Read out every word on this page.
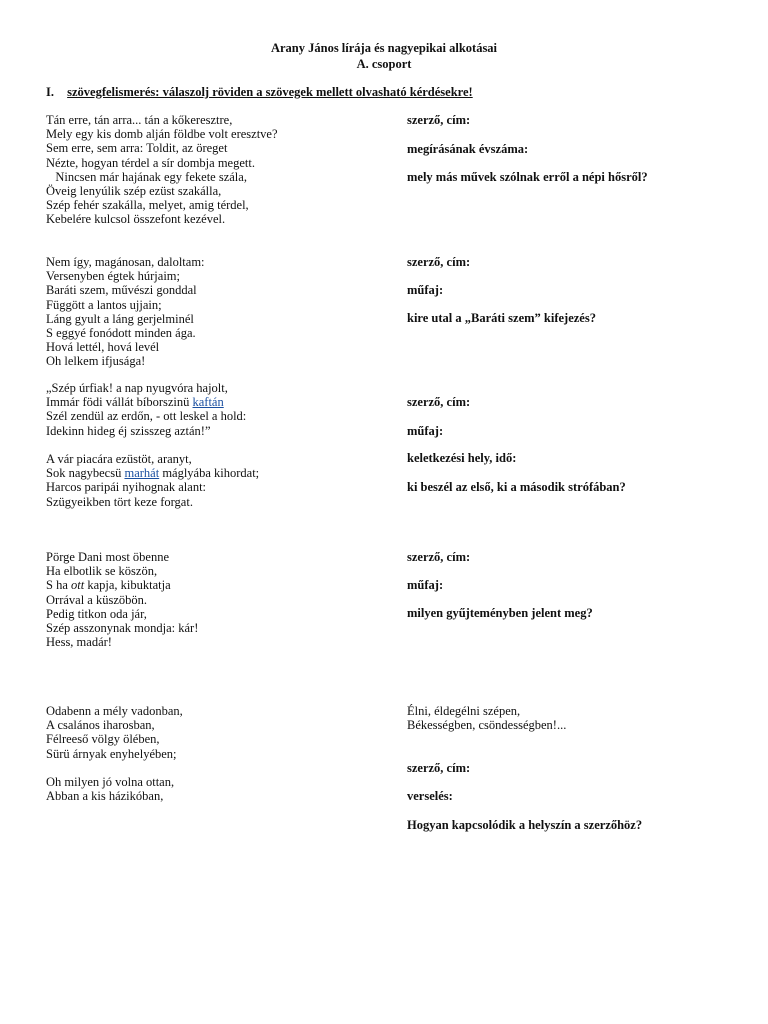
Arany János lírája és nagyepikai alkotásai
A. csoport
I. szövegfelismerés: válaszolj röviden a szövegek mellett olvasható kérdésekre!
Tán erre, tán arra... tán a kőkeresztre,
Mely egy kis domb alján földbe volt eresztve?
Sem erre, sem arra: Toldit, az öreget
Nézte, hogyan térdel a sír dombja megett.
Nincsen már hajának egy fekete szála,
Öveig lenyúlik szép ezüst szakálla,
Szép fehér szakálla, melyet, amig térdel,
Kebelére kulcsol összefont kezével.
szerző, cím:
megírásának évszáma:
mely más művek szólnak erről a népi hősről?
Nem így, magánosan, daloltam:
Versenyben égtek húrjaim;
Baráti szem, művészi gonddal
Függött a lantos ujjain;
Láng gyult a láng gerjelminél
S eggyé fonódott minden ága.
Hová lettél, hová levél
Oh lelkem ifjusága!
szerző, cím:
műfaj:
kire utal a „Baráti szem” kifejezés?
„Szép úrfiak! a nap nyugvóra hajolt,
Immár födi vállát bíborszinü kaftán
Szél zendül az erdőn, - ott leskel a hold:
Idekinn hideg éj szisszeg aztán!”
A vár piacára ezüstöt, aranyt,
Sok nagybecsü marhát máglyába kihordat;
Harcos paripái nyihognak alant:
Szügyeikben tört keze forgat.
szerző, cím:
műfaj:
keletkezési hely, idő:
ki beszél az első, ki a második strófában?
Pörge Dani most öbenne
Ha elbotlik se köszön,
S ha ott kapja, kibuktatja
Orrával a küszöbön.
Pedig titkon oda jár,
Szép asszonynak mondja: kár!
Hess, madár!
szerző, cím:
műfaj:
milyen gyűjteményben jelent meg?
Odabenn a mély vadonban,
A csalános iharosban,
Félreeső völgy ölében,
Sürü árnyak enyhelyében;
Oh milyen jó volna ottan,
Abban a kis házikóban,
Élni, éldegélni szépen,
Békességben, csöndességben!...
szerző, cím:
verselés:
Hogyan kapcsolódik a helyszín a szerzőhöz?
